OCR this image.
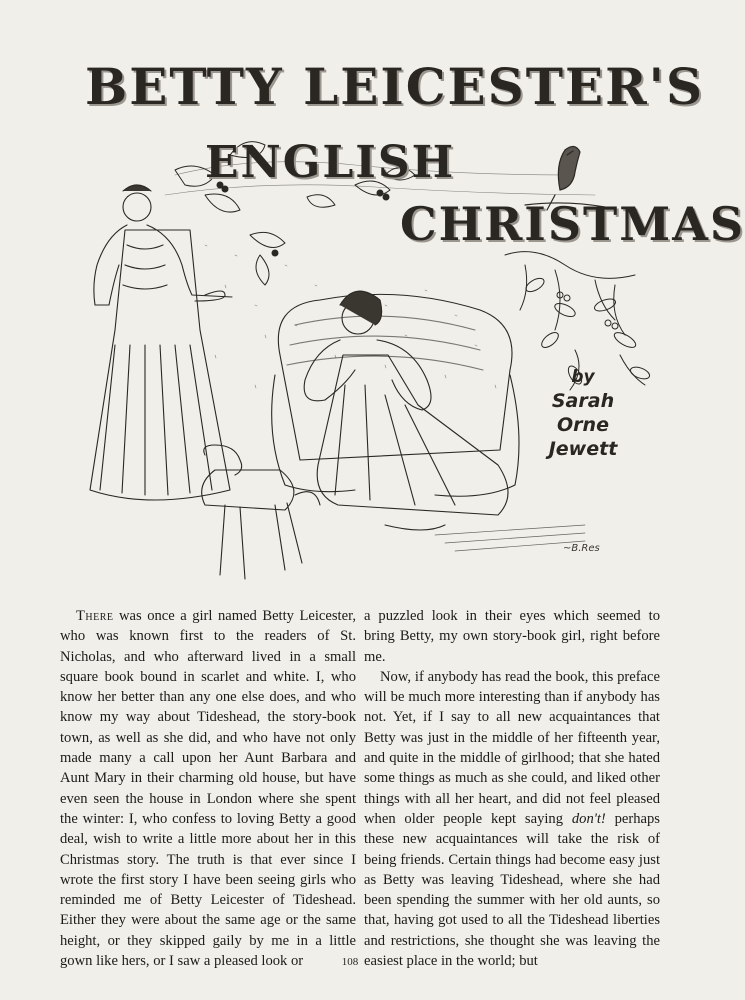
BETTY LEICESTER'S
ENGLISH
CHRISTMAS
by
Sarah
Orne
Jewett
~B.Res

There was once a girl named Betty Leicester, who was known first to the readers of St. Nicholas, and who afterward lived in a small square book bound in scarlet and white. I, who know her better than any one else does, and who know my way about Tideshead, the story-book town, as well as she did, and who have not only made many a call upon her Aunt Barbara and Aunt Mary in their charming old house, but have even seen the house in London where she spent the winter: I, who confess to loving Betty a good deal, wish to write a little more about her in this Christmas story. The truth is that ever since I wrote the first story I have been seeing girls who reminded me of Betty Leicester of Tideshead. Either they were about the same age or the same height, or they skipped gaily by me in a little gown like hers, or I saw a pleased look or

a puzzled look in their eyes which seemed to bring Betty, my own story-book girl, right before me.

Now, if anybody has read the book, this preface will be much more interesting than if anybody has not. Yet, if I say to all new acquaintances that Betty was just in the middle of her fifteenth year, and quite in the middle of girlhood; that she hated some things as much as she could, and liked other things with all her heart, and did not feel pleased when older people kept saying don't! perhaps these new acquaintances will take the risk of being friends. Certain things had become easy just as Betty was leaving Tideshead, where she had been spending the summer with her old aunts, so that, having got used to all the Tideshead liberties and restrictions, she thought she was leaving the easiest place in the world; but

108
